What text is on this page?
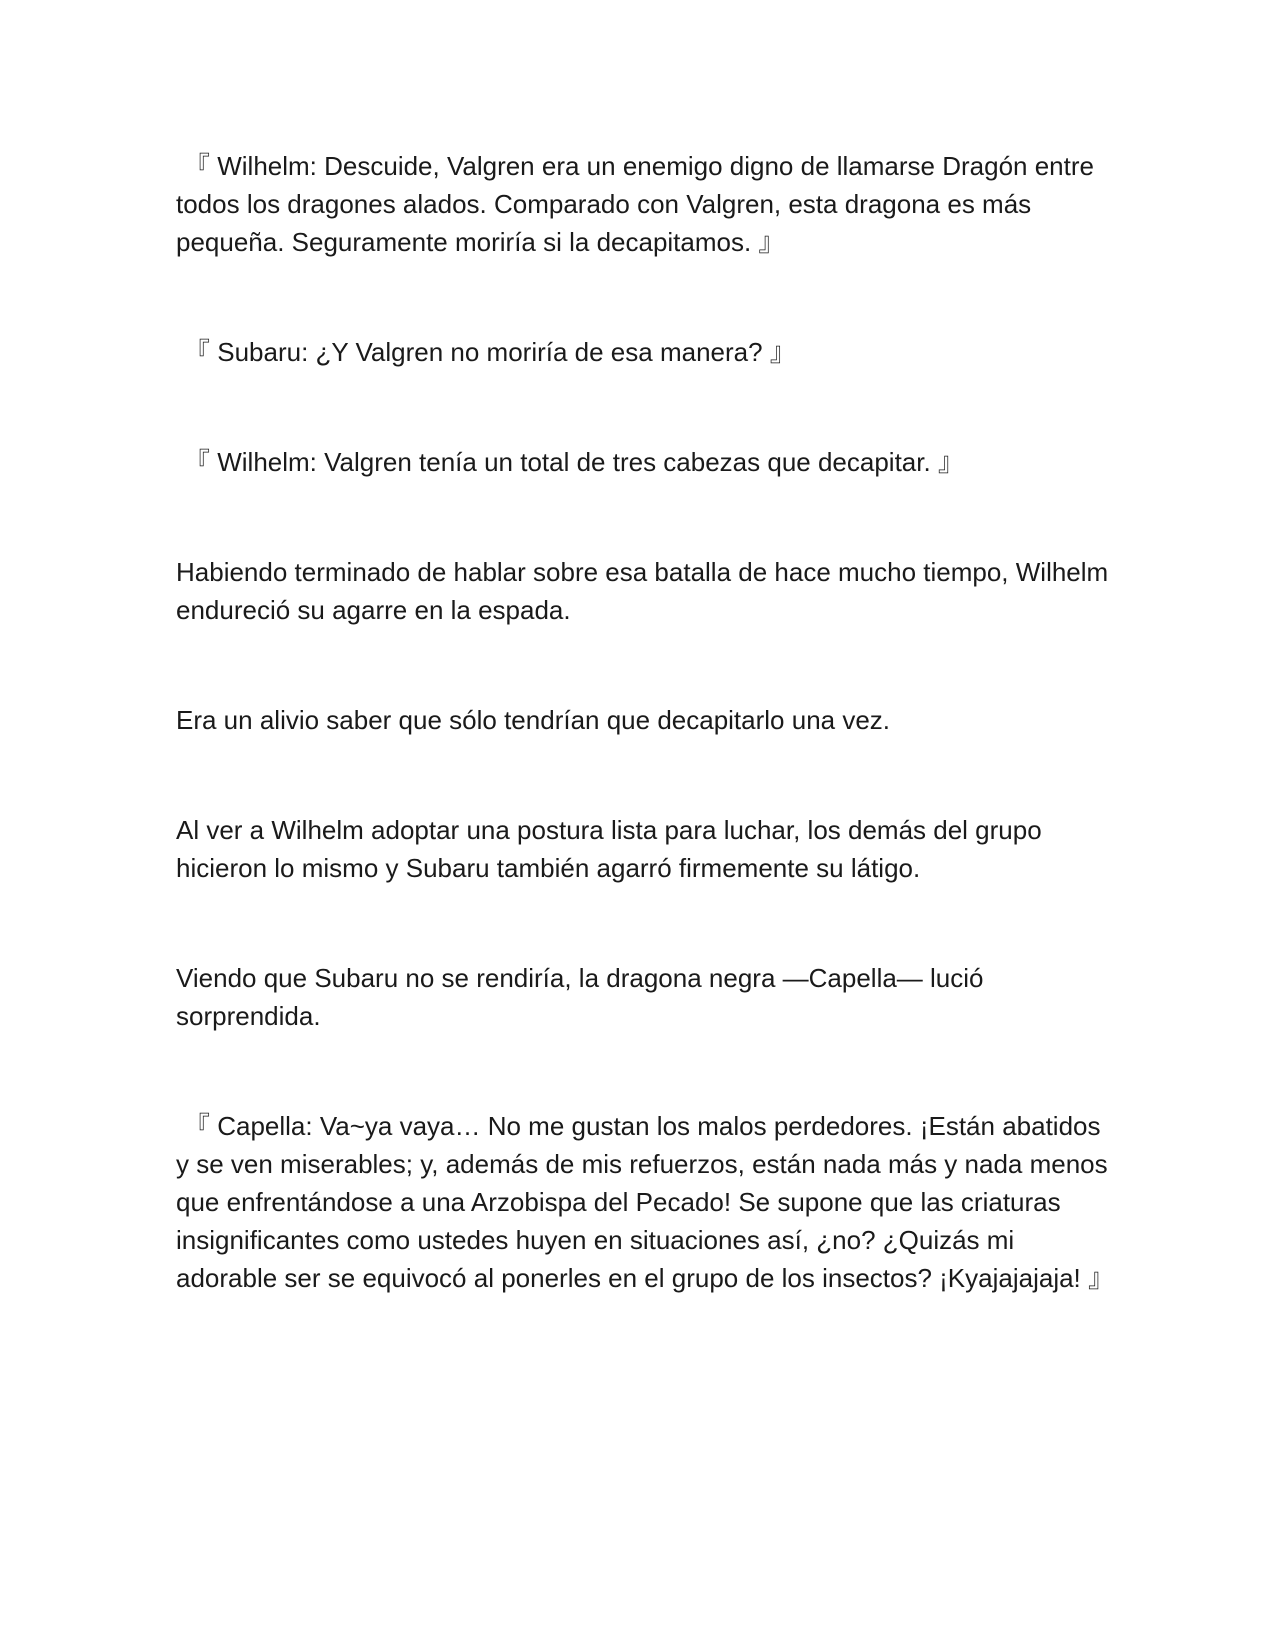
『 Wilhelm: Descuide, Valgren era un enemigo digno de llamarse Dragón entre todos los dragones alados. Comparado con Valgren, esta dragona es más pequeña. Seguramente moriría si la decapitamos. 』

『 Subaru: ¿Y Valgren no moriría de esa manera? 』

『 Wilhelm: Valgren tenía un total de tres cabezas que decapitar. 』

Habiendo terminado de hablar sobre esa batalla de hace mucho tiempo, Wilhelm endureció su agarre en la espada.

Era un alivio saber que sólo tendrían que decapitarlo una vez.

Al ver a Wilhelm adoptar una postura lista para luchar, los demás del grupo hicieron lo mismo y Subaru también agarró firmemente su látigo.

Viendo que Subaru no se rendiría, la dragona negra —Capella— lució sorprendida.

『 Capella: Va~ya vaya… No me gustan los malos perdedores. ¡Están abatidos y se ven miserables; y, además de mis refuerzos, están nada más y nada menos que enfrentándose a una Arzobispa del Pecado! Se supone que las criaturas insignificantes como ustedes huyen en situaciones así, ¿no? ¿Quizás mi adorable ser se equivocó al ponerles en el grupo de los insectos? ¡Kyajajajaja! 』
